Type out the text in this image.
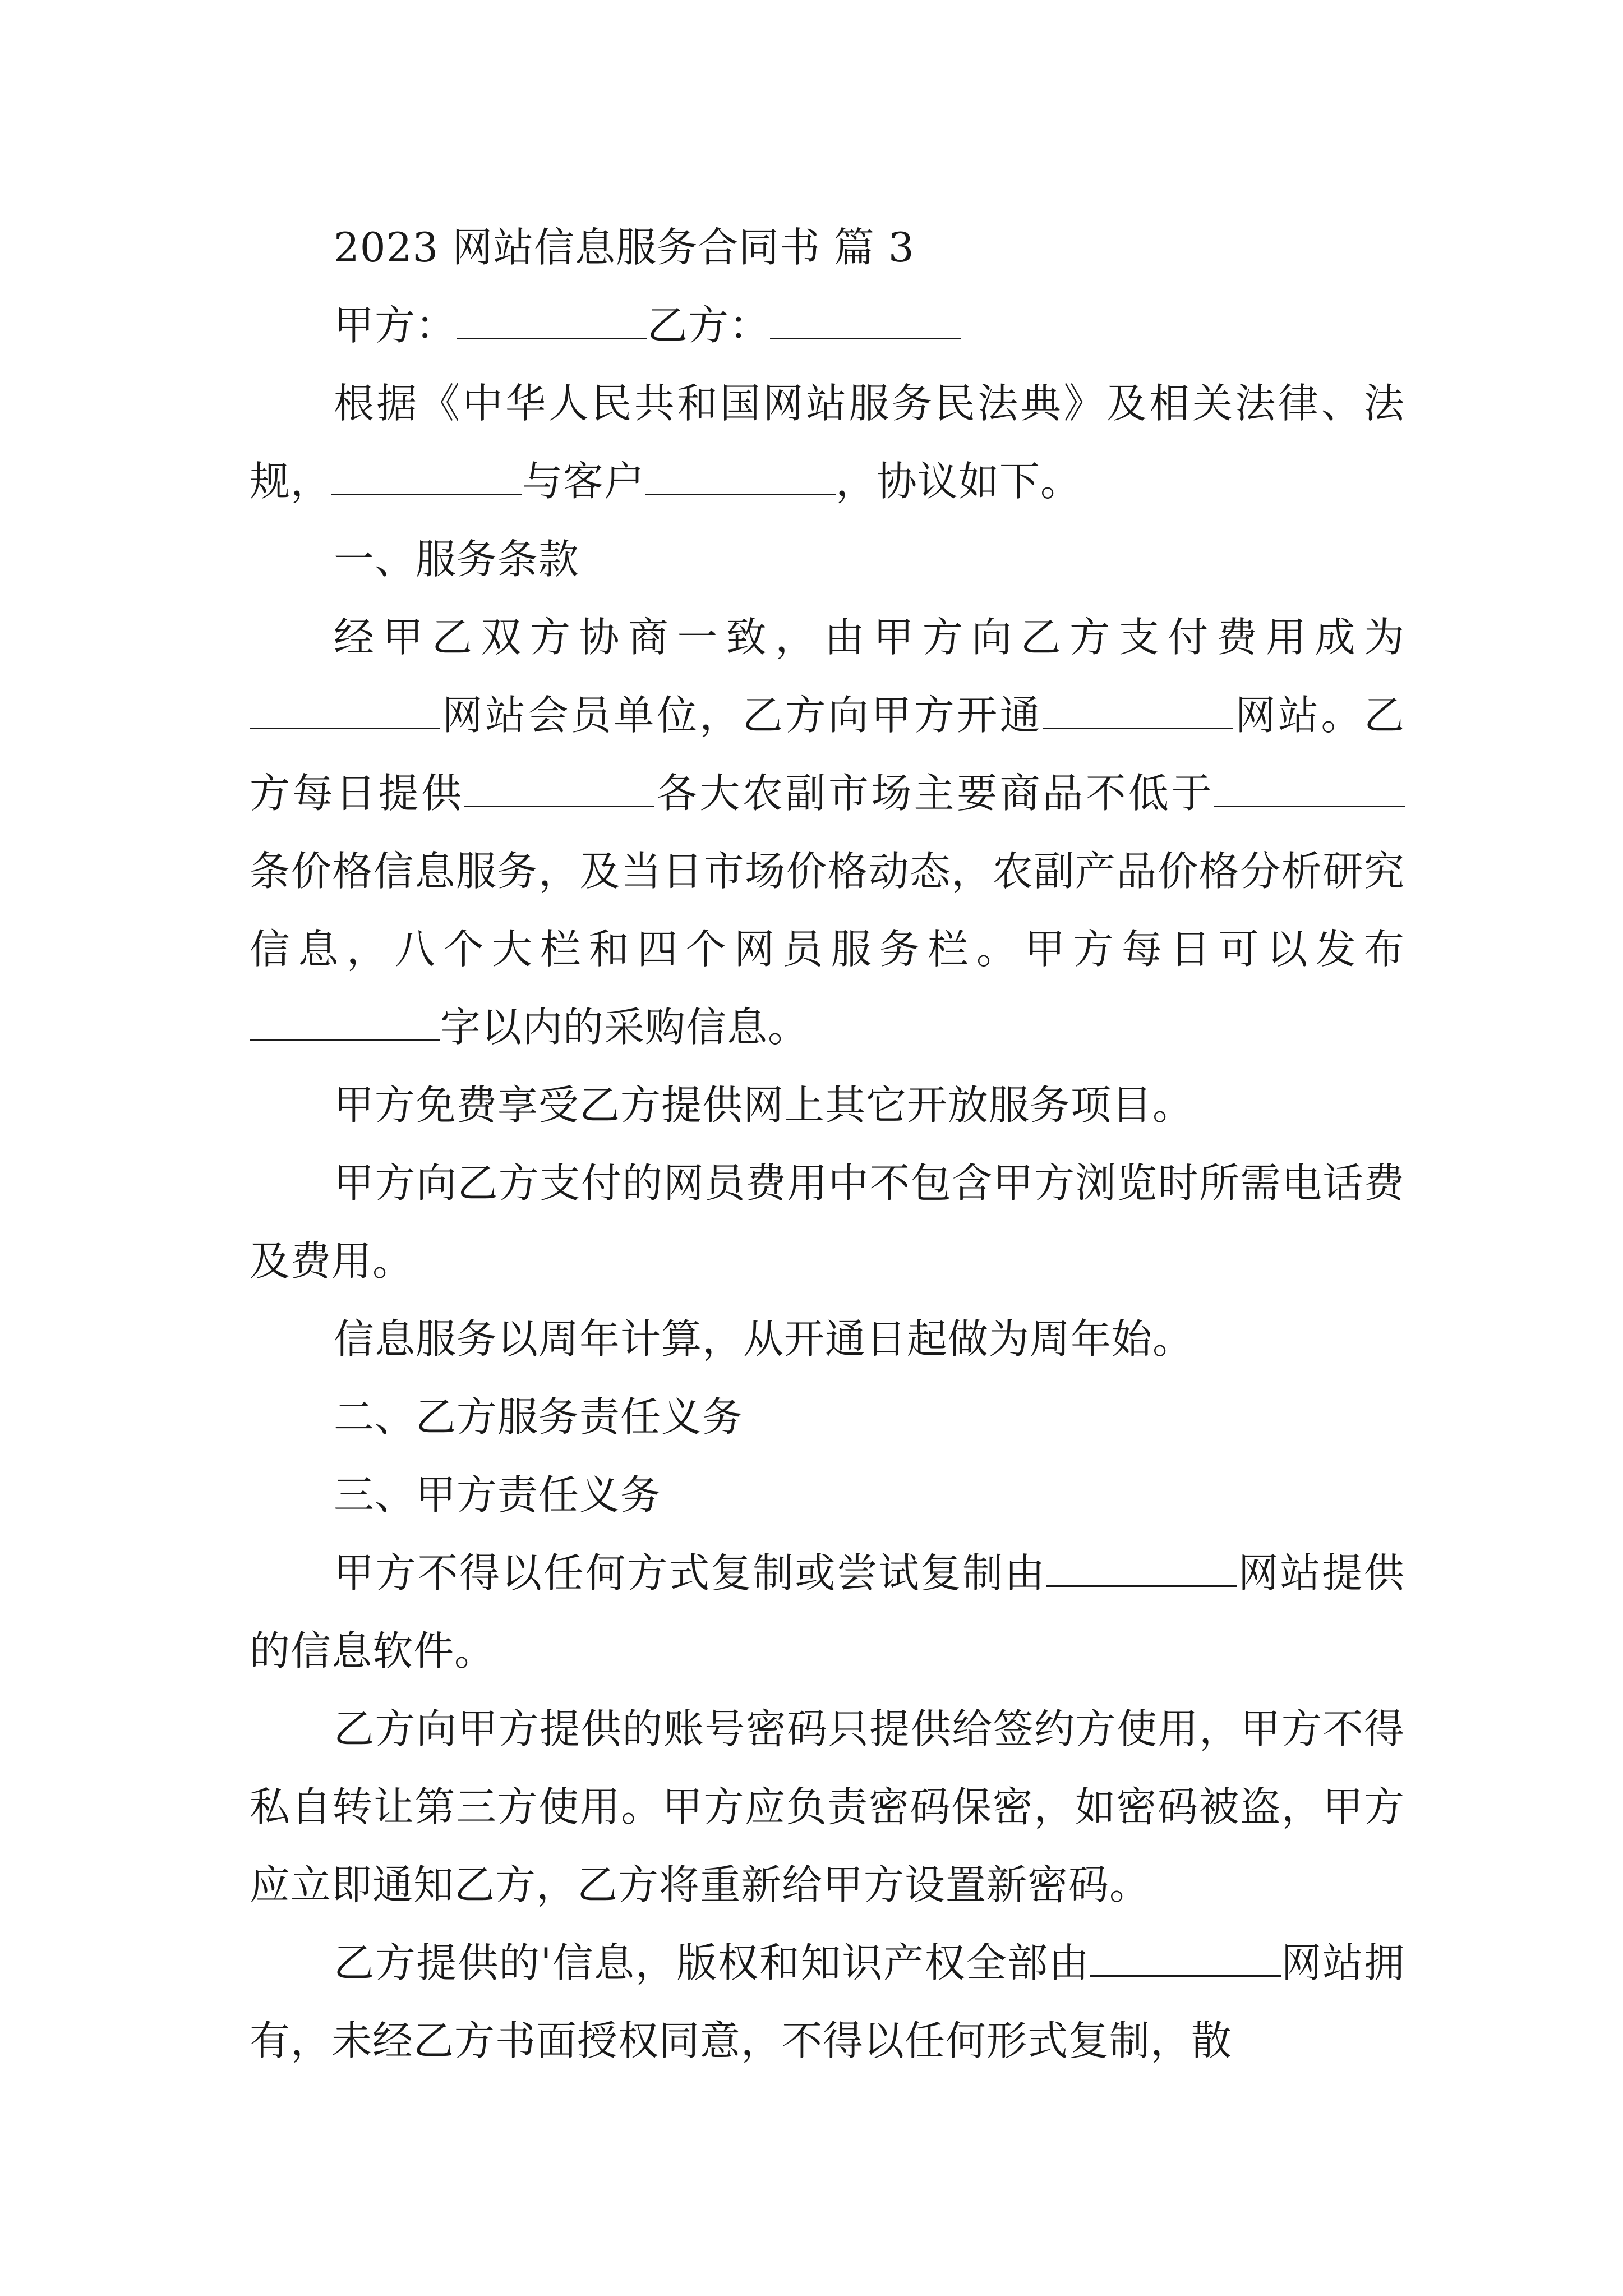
2023 网站信息服务合同书 篇 3

甲方：	乙方：

根据《中华人民共和国网站服务民法典》及相关法律、法规，	与客户	，协议如下。

一、服务条款

经甲乙双方协商一致，由甲方向乙方支付费用成为网站会员单位，乙方向甲方开通	网站。乙方每日提供	各大农副市场主要商品不低于条价格信息服务，及当日市场价格动态，农副产品价格分析研究信息，八个大栏和四个网员服务栏。甲方每日可以发布字以内的采购信息。

甲方免费享受乙方提供网上其它开放服务项目。

甲方向乙方支付的网员费用中不包含甲方浏览时所需电话费及费用。

信息服务以周年计算，从开通日起做为周年始。

二、乙方服务责任义务

三、甲方责任义务

甲方不得以任何方式复制或尝试复制由	网站提供的信息软件。

乙方向甲方提供的账号密码只提供给签约方使用，甲方不得私自转让第三方使用。甲方应负责密码保密，如密码被盗，甲方应立即通知乙方，乙方将重新给甲方设置新密码。

乙方提供的'信息，版权和知识产权全部由	网站拥有，未经乙方书面授权同意，不得以任何形式复制，散
